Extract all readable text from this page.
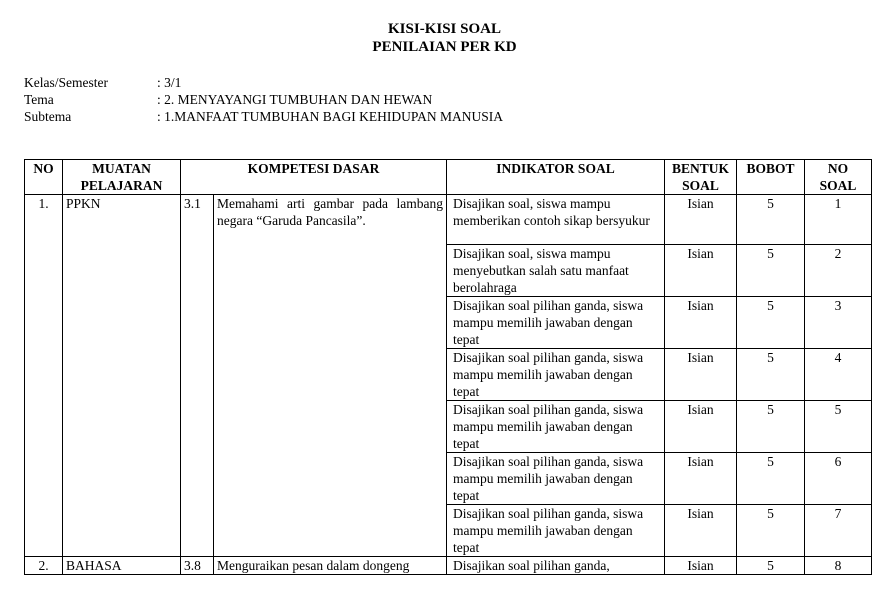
KISI-KISI SOAL
PENILAIAN PER KD
Kelas/Semester	: 3/1
Tema	: 2. MENYAYANGI TUMBUHAN DAN HEWAN
Subtema	: 1.MANFAAT TUMBUHAN BAGI KEHIDUPAN MANUSIA
NO	MUATAN PELAJARAN	KOMPETESI DASAR		INDIKATOR SOAL	BENTUK SOAL	BOBOT	NO SOAL
1.	PPKN	3.1	Memahami arti gambar pada lambang negara “Garuda Pancasila”.	Disajikan soal, siswa mampu memberikan contoh sikap bersyukur	Isian	5	1
				Disajikan soal, siswa mampu menyebutkan salah satu manfaat berolahraga	Isian	5	2
				Disajikan soal pilihan ganda, siswa mampu memilih jawaban dengan tepat	Isian	5	3
				Disajikan soal pilihan ganda, siswa mampu memilih jawaban dengan tepat	Isian	5	4
				Disajikan soal pilihan ganda, siswa mampu memilih jawaban dengan tepat	Isian	5	5
				Disajikan soal pilihan ganda, siswa mampu memilih jawaban dengan tepat	Isian	5	6
				Disajikan soal pilihan ganda, siswa mampu memilih jawaban dengan tepat	Isian	5	7
2.	BAHASA	3.8	Menguraikan pesan dalam dongeng	Disajikan soal pilihan ganda,	Isian	5	8
